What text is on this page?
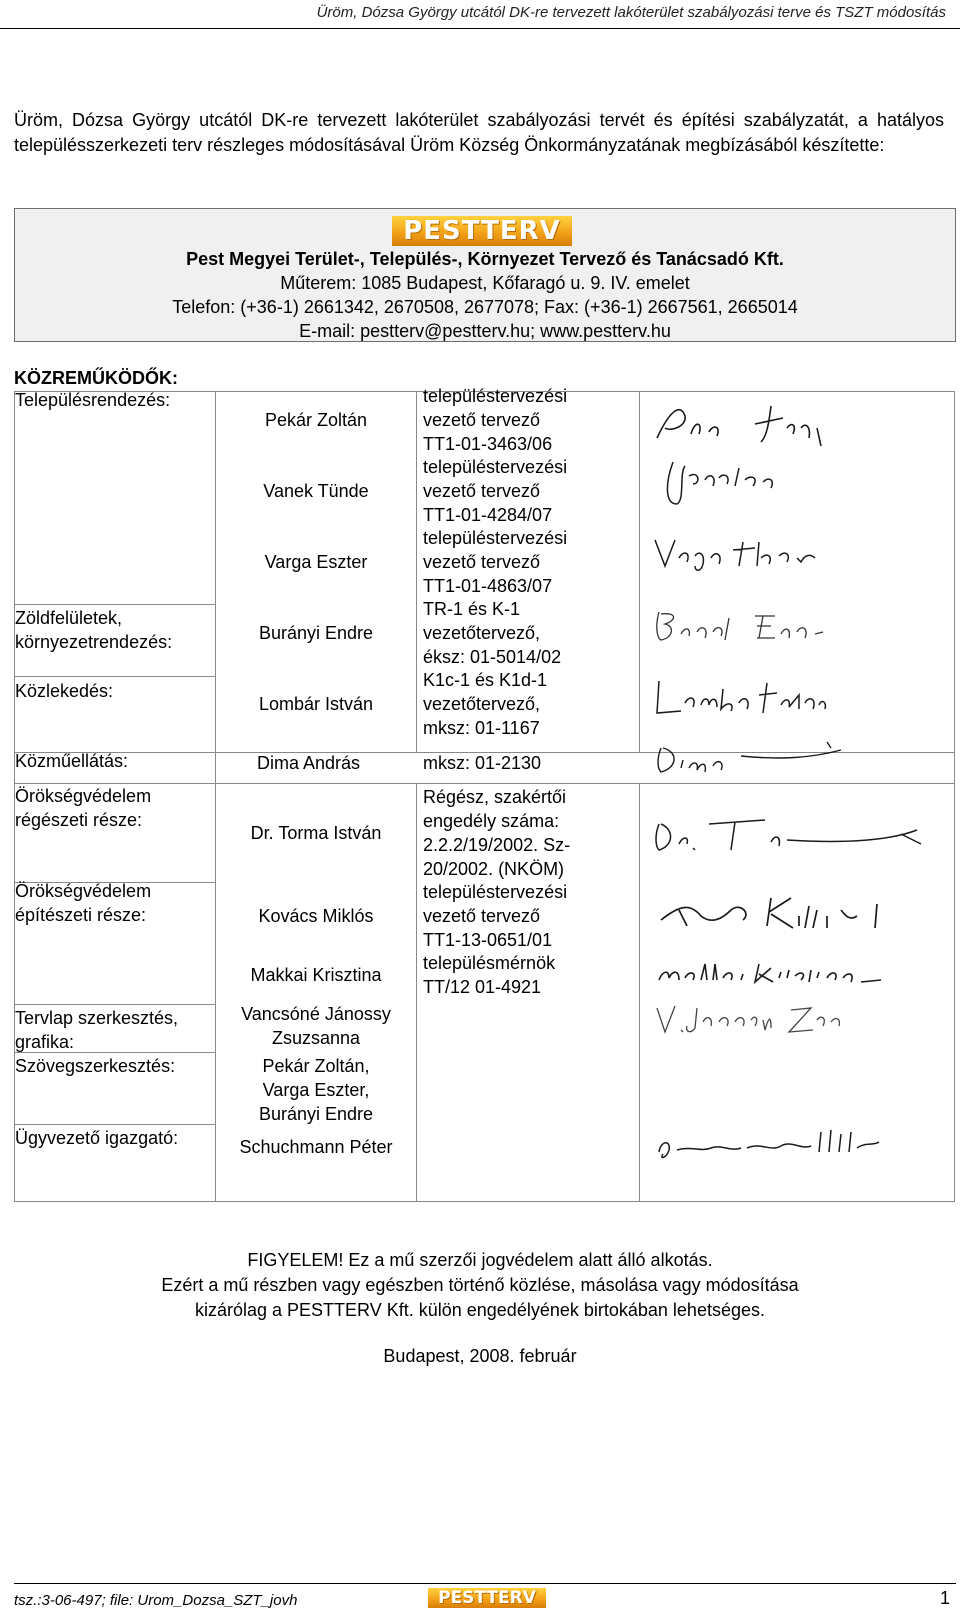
Üröm, Dózsa György utcától DK-re tervezett lakóterület szabályozási terve és TSZT módosítás
Üröm, Dózsa György utcától DK-re tervezett lakóterület szabályozási tervét és építési szabályzatát, a hatályos településszerkezeti terv részleges módosításával Üröm Község Önkormányzatának megbízásából készítette:
PESTTERV
Pest Megyei Terület-, Település-, Környezet Tervező és Tanácsadó Kft.
Műterem: 1085 Budapest, Kőfaragó u. 9. IV. emelet
Telefon: (+36-1) 2661342, 2670508, 2677078; Fax: (+36-1) 2667561, 2665014
E-mail: pestterv@pestterv.hu; www.pestterv.hu
KÖZREMŰKÖDŐK:
Településrendezés:
Zöldfelületek, környezetrendezés:
Közlekedés:
Közműellátás:
Örökségvédelem régészeti része:
Örökségvédelem építészeti része:
Tervlap szerkesztés, grafika:
Szövegszerkesztés:
Ügyvezető igazgató:
Pekár Zoltán
Vanek Tünde
Varga Eszter
Burányi Endre
Lombár István
Dima András
Dr. Torma István
Kovács Miklós
Makkai Krisztina
Vancsóné Jánossy
Zsuzsanna
Pekár Zoltán,
Varga Eszter,
Burányi Endre
Schuchmann Péter
településtervezési
vezető tervező
TT1-01-3463/06
településtervezési
vezető tervező
TT1-01-4284/07
településtervezési
vezető tervező
TT1-01-4863/07
TR-1 és K-1
vezetőtervező,
éksz: 01-5014/02
K1c-1 és K1d-1
vezetőtervező,
mksz: 01-1167
mksz: 01-2130
Régész, szakértői
engedély száma:
2.2.2/19/2002. Sz-
20/2002. (NKÖM)
településtervezési
vezető tervező
TT1-13-0651/01
településmérnök
TT/12 01-4921
FIGYELEM! Ez a mű szerzői jogvédelem alatt álló alkotás.
Ezért a mű részben vagy egészben történő közlése, másolása vagy módosítása
kizárólag a PESTTERV Kft. külön engedélyének birtokában lehetséges.
Budapest, 2008. február
tsz.:3-06-497; file: Urom_Dozsa_SZT_jovh	PESTTERV	1
